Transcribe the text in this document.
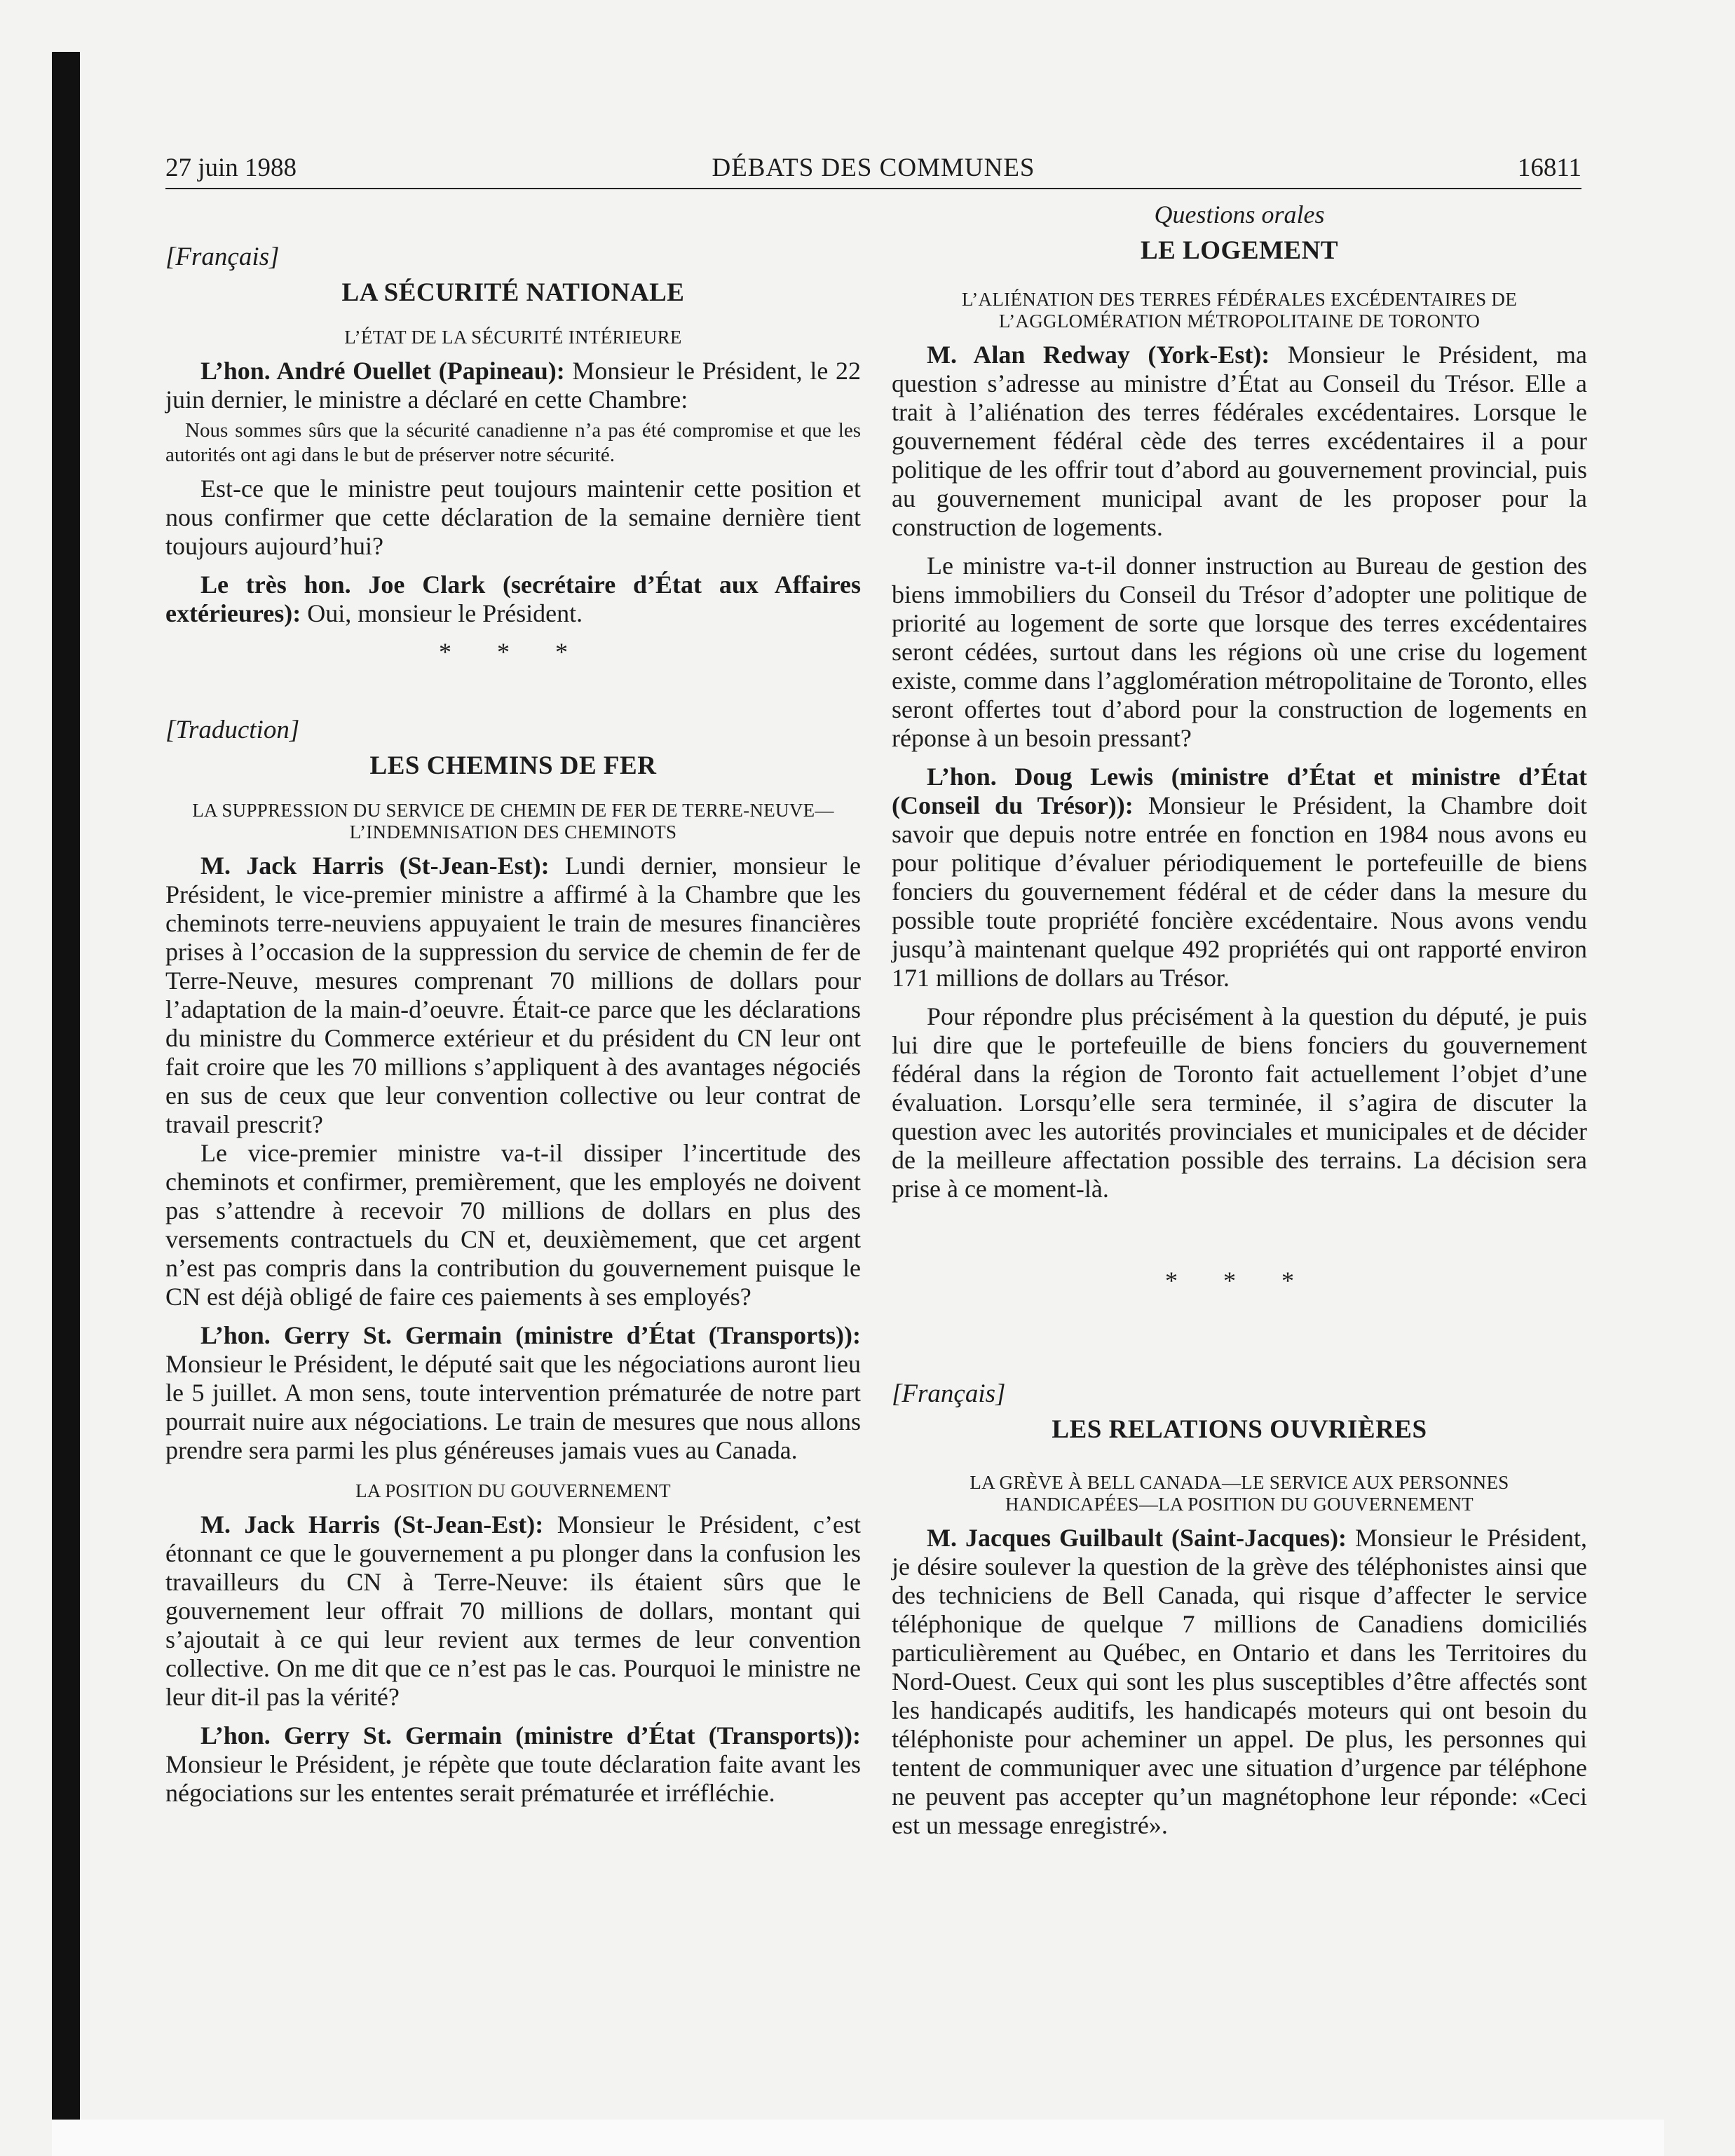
27 juin 1988	DÉBATS DES COMMUNES	16811

[Français]

LA SÉCURITÉ NATIONALE
L’ÉTAT DE LA SÉCURITÉ INTÉRIEURE

L’hon. André Ouellet (Papineau): Monsieur le Président, le 22 juin dernier, le ministre a déclaré en cette Chambre:

Nous sommes sûrs que la sécurité canadienne n’a pas été compromise et que les autorités ont agi dans le but de préserver notre sécurité.

Est-ce que le ministre peut toujours maintenir cette position et nous confirmer que cette déclaration de la semaine dernière tient toujours aujourd’hui?

Le très hon. Joe Clark (secrétaire d’État aux Affaires extérieures): Oui, monsieur le Président.

* * *

[Traduction]

LES CHEMINS DE FER
LA SUPPRESSION DU SERVICE DE CHEMIN DE FER DE TERRE-NEUVE—L’INDEMNISATION DES CHEMINOTS

M. Jack Harris (St-Jean-Est): Lundi dernier, monsieur le Président, le vice-premier ministre a affirmé à la Chambre que les cheminots terre-neuviens appuyaient le train de mesures financières prises à l’occasion de la suppression du service de chemin de fer de Terre-Neuve, mesures comprenant 70 millions de dollars pour l’adaptation de la main-d’oeuvre. Était-ce parce que les déclarations du ministre du Commerce extérieur et du président du CN leur ont fait croire que les 70 millions s’appliquent à des avantages négociés en sus de ceux que leur convention collective ou leur contrat de travail prescrit?

Le vice-premier ministre va-t-il dissiper l’incertitude des cheminots et confirmer, premièrement, que les employés ne doivent pas s’attendre à recevoir 70 millions de dollars en plus des versements contractuels du CN et, deuxièmement, que cet argent n’est pas compris dans la contribution du gouvernement puisque le CN est déjà obligé de faire ces paiements à ses employés?

L’hon. Gerry St. Germain (ministre d’État (Transports)): Monsieur le Président, le député sait que les négociations auront lieu le 5 juillet. A mon sens, toute intervention prématurée de notre part pourrait nuire aux négociations. Le train de mesures que nous allons prendre sera parmi les plus généreuses jamais vues au Canada.

LA POSITION DU GOUVERNEMENT

M. Jack Harris (St-Jean-Est): Monsieur le Président, c’est étonnant ce que le gouvernement a pu plonger dans la confusion les travailleurs du CN à Terre-Neuve: ils étaient sûrs que le gouvernement leur offrait 70 millions de dollars, montant qui s’ajoutait à ce qui leur revient aux termes de leur convention collective. On me dit que ce n’est pas le cas. Pourquoi le ministre ne leur dit-il pas la vérité?

L’hon. Gerry St. Germain (ministre d’État (Transports)): Monsieur le Président, je répète que toute déclaration faite avant les négociations sur les ententes serait prématurée et irréfléchie.

Questions orales
LE LOGEMENT
L’ALIÉNATION DES TERRES FÉDÉRALES EXCÉDENTAIRES DE L’AGGLOMÉRATION MÉTROPOLITAINE DE TORONTO

M. Alan Redway (York-Est): Monsieur le Président, ma question s’adresse au ministre d’État au Conseil du Trésor. Elle a trait à l’aliénation des terres fédérales excédentaires. Lorsque le gouvernement fédéral cède des terres excédentaires il a pour politique de les offrir tout d’abord au gouvernement provincial, puis au gouvernement municipal avant de les proposer pour la construction de logements.

Le ministre va-t-il donner instruction au Bureau de gestion des biens immobiliers du Conseil du Trésor d’adopter une politique de priorité au logement de sorte que lorsque des terres excédentaires seront cédées, surtout dans les régions où une crise du logement existe, comme dans l’agglomération métropolitaine de Toronto, elles seront offertes tout d’abord pour la construction de logements en réponse à un besoin pressant?

L’hon. Doug Lewis (ministre d’État et ministre d’État (Conseil du Trésor)): Monsieur le Président, la Chambre doit savoir que depuis notre entrée en fonction en 1984 nous avons eu pour politique d’évaluer périodiquement le portefeuille de biens fonciers du gouvernement fédéral et de céder dans la mesure du possible toute propriété foncière excédentaire. Nous avons vendu jusqu’à maintenant quelque 492 propriétés qui ont rapporté environ 171 millions de dollars au Trésor.

Pour répondre plus précisément à la question du député, je puis lui dire que le portefeuille de biens fonciers du gouvernement fédéral dans la région de Toronto fait actuellement l’objet d’une évaluation. Lorsqu’elle sera terminée, il s’agira de discuter la question avec les autorités provinciales et municipales et de décider de la meilleure affectation possible des terrains. La décision sera prise à ce moment-là.

* * *

[Français]

LES RELATIONS OUVRIÈRES
LA GRÈVE À BELL CANADA—LE SERVICE AUX PERSONNES HANDICAPÉES—LA POSITION DU GOUVERNEMENT

M. Jacques Guilbault (Saint-Jacques): Monsieur le Président, je désire soulever la question de la grève des téléphonistes ainsi que des techniciens de Bell Canada, qui risque d’affecter le service téléphonique de quelque 7 millions de Canadiens domiciliés particulièrement au Québec, en Ontario et dans les Territoires du Nord-Ouest. Ceux qui sont les plus susceptibles d’être affectés sont les handicapés auditifs, les handicapés moteurs qui ont besoin du téléphoniste pour acheminer un appel. De plus, les personnes qui tentent de communiquer avec une situation d’urgence par téléphone ne peuvent pas accepter qu’un magnétophone leur réponde: «Ceci est un message enregistré».
